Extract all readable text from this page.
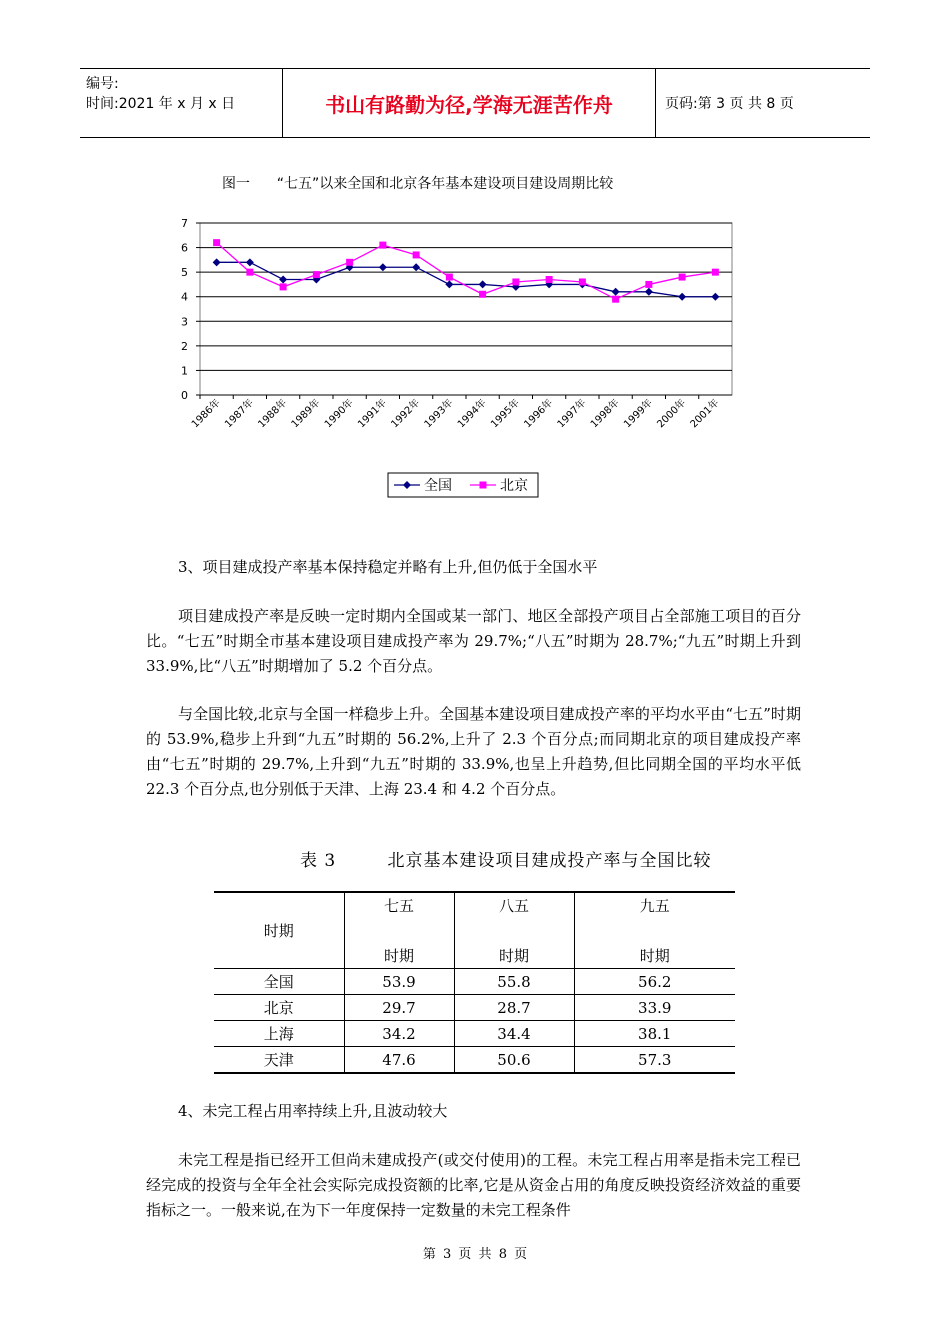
编号:
时间:2021 年 x 月 x 日	书山有路勤为径,学海无涯苦作舟	页码:第 3 页 共 8 页
图一      “七五”以来全国和北京各年基本建设项目建设周期比较
0
1
2
3
4
5
6
7
1986年 1987年 1988年 1989年 1990年 1991年 1992年 1993年 1994年 1995年 1996年 1997年 1998年 1999年 2000年 2001年
全国	北京
3、项目建成投产率基本保持稳定并略有上升,但仍低于全国水平
项目建成投产率是反映一定时期内全国或某一部门、地区全部投产项目占全部施工项目的百分比。“七五”时期全市基本建设项目建成投产率为 29.7%;“八五”时期为 28.7%;“九五”时期上升到 33.9%,比“八五”时期增加了 5.2 个百分点。
与全国比较,北京与全国一样稳步上升。全国基本建设项目建成投产率的平均水平由“七五”时期的 53.9%,稳步上升到“九五”时期的 56.2%,上升了 2.3 个百分点;而同期北京的项目建成投产率由“七五”时期的 29.7%,上升到“九五”时期的 33.9%,也呈上升趋势,但比同期全国的平均水平低 22.3 个百分点,也分别低于天津、上海 23.4 和 4.2 个百分点。
表 3        北京基本建设项目建成投产率与全国比较
时期	七五	八五	九五

	时期	时期	时期
全国	53.9	55.8	56.2
北京	29.7	28.7	33.9
上海	34.2	34.4	38.1
天津	47.6	50.6	57.3
4、未完工程占用率持续上升,且波动较大
未完工程是指已经开工但尚未建成投产(或交付使用)的工程。未完工程占用率是指未完工程已经完成的投资与全年全社会实际完成投资额的比率,它是从资金占用的角度反映投资经济效益的重要指标之一。一般来说,在为下一年度保持一定数量的未完工程条件
第 3 页 共 8 页
